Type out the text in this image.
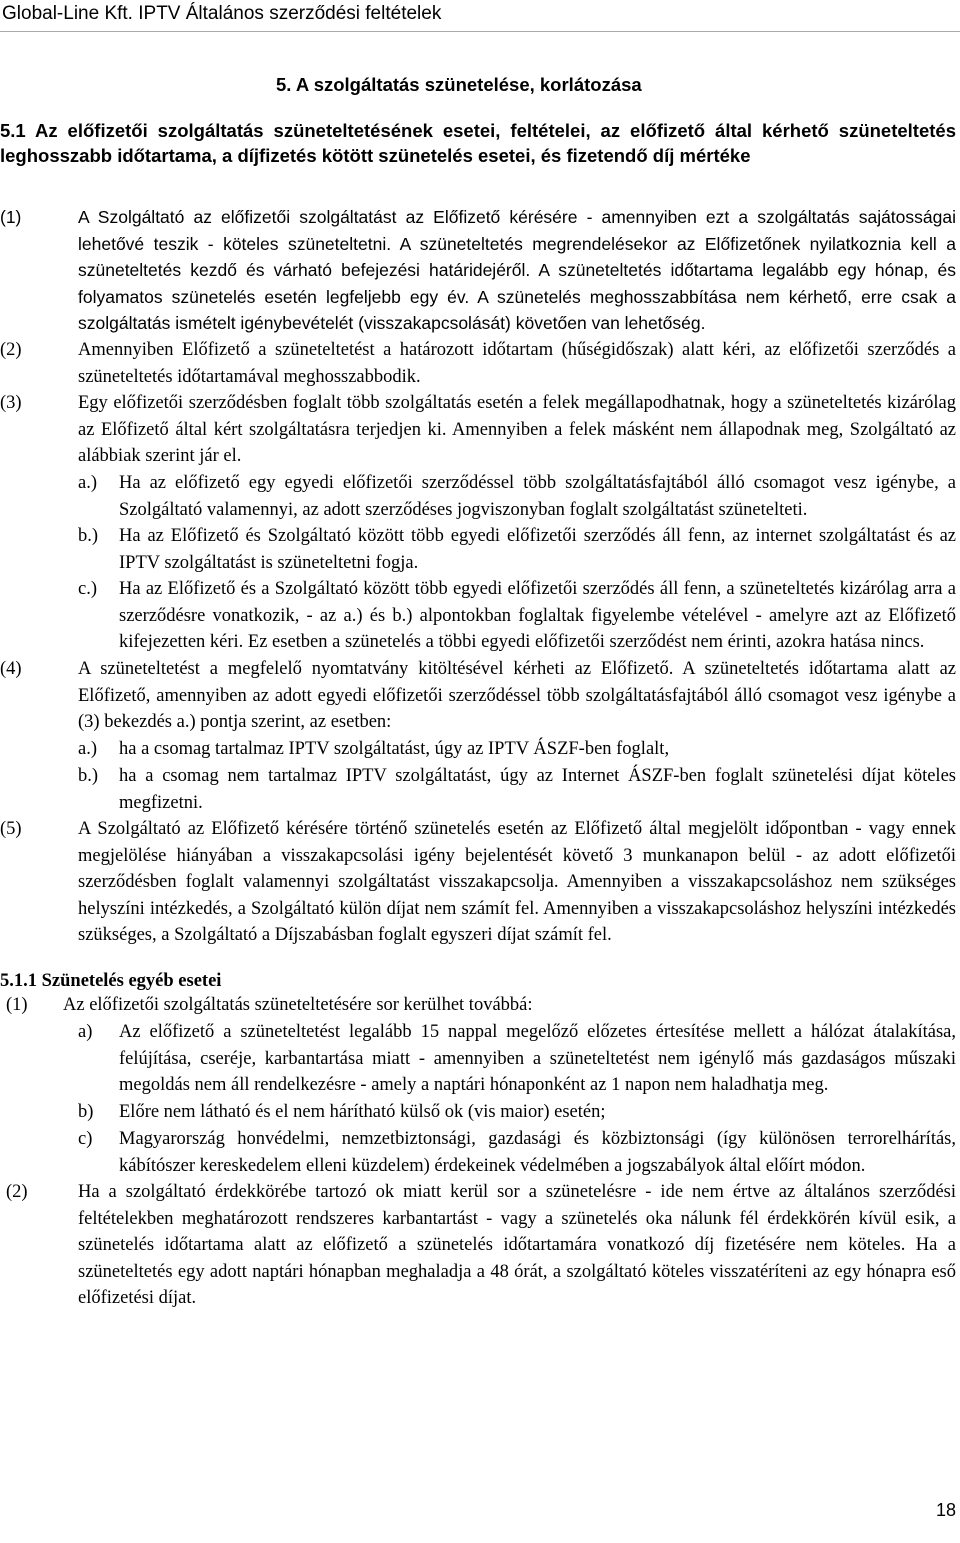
Global-Line Kft. IPTV Általános szerződési feltételek
5. A szolgáltatás szünetelése, korlátozása
5.1 Az előfizetői szolgáltatás szüneteltetésének esetei, feltételei, az előfizető által kérhető szüneteltetés leghosszabb időtartama, a díjfizetés kötött szünetelés esetei, és fizetendő díj mértéke
(1)	A Szolgáltató az előfizetői szolgáltatást az Előfizető kérésére - amennyiben ezt a szolgáltatás sajátosságai lehetővé teszik - köteles szüneteltetni. A szüneteltetés megrendelésekor az Előfizetőnek nyilatkoznia kell a szüneteltetés kezdő és várható befejezési határidejéről. A szüneteltetés időtartama legalább egy hónap, és folyamatos szünetelés esetén legfeljebb egy év. A szünetelés meghosszabbítása nem kérhető, erre csak a szolgáltatás ismételt igénybevételét (visszakapcsolását) követően van lehetőség.
(2)	Amennyiben Előfizető a szüneteltetést a határozott időtartam (hűségidőszak) alatt kéri, az előfizetői szerződés a szüneteltetés időtartamával meghosszabbodik.
(3)	Egy előfizetői szerződésben foglalt több szolgáltatás esetén a felek megállapodhatnak, hogy a szüneteltetés kizárólag az Előfizető által kért szolgáltatásra terjedjen ki. Amennyiben a felek másként nem állapodnak meg, Szolgáltató az alábbiak szerint jár el.
a.) Ha az előfizető egy egyedi előfizetői szerződéssel több szolgáltatásfajtából álló csomagot vesz igénybe, a Szolgáltató valamennyi, az adott szerződéses jogviszonyban foglalt szolgáltatást szünetelteti.
b.) Ha az Előfizető és Szolgáltató között több egyedi előfizetői szerződés áll fenn, az internet szolgáltatást és az IPTV szolgáltatást is szüneteltetni fogja.
c.) Ha az Előfizető és a Szolgáltató között több egyedi előfizetői szerződés áll fenn, a szüneteltetés kizárólag arra a szerződésre vonatkozik, - az a.) és b.) alpontokban foglaltak figyelembe vételével - amelyre azt az Előfizető kifejezetten kéri. Ez esetben a szünetelés a többi egyedi előfizetői szerződést nem érinti, azokra hatása nincs.
(4)	A szüneteltetést a megfelelő nyomtatvány kitöltésével kérheti az Előfizető. A szüneteltetés időtartama alatt az Előfizető, amennyiben az adott egyedi előfizetői szerződéssel több szolgáltatásfajtából álló csomagot vesz igénybe a (3) bekezdés a.) pontja szerint, az esetben:
a.) ha a csomag tartalmaz IPTV szolgáltatást, úgy az IPTV ÁSZF-ben foglalt,
b.) ha a csomag nem tartalmaz IPTV szolgáltatást, úgy az Internet ÁSZF-ben foglalt szünetelési díjat köteles megfizetni.
(5)	A Szolgáltató az Előfizető kérésére történő szünetelés esetén az Előfizető által megjelölt időpontban - vagy ennek megjelölése hiányában a visszakapcsolási igény bejelentését követő 3 munkanapon belül - az adott előfizetői szerződésben foglalt valamennyi szolgáltatást visszakapcsolja. Amennyiben a visszakapcsoláshoz nem szükséges helyszíni intézkedés, a Szolgáltató külön díjat nem számít fel. Amennyiben a visszakapcsoláshoz helyszíni intézkedés szükséges, a Szolgáltató a Díjszabásban foglalt egyszeri díjat számít fel.
5.1.1 Szünetelés egyéb esetei
(1) Az előfizetői szolgáltatás szüneteltetésére sor kerülhet továbbá:
a) Az előfizető a szüneteltetést legalább 15 nappal megelőző előzetes értesítése mellett a hálózat átalakítása, felújítása, cseréje, karbantartása miatt - amennyiben a szüneteltetést nem igénylő más gazdaságos műszaki megoldás nem áll rendelkezésre - amely a naptári hónaponként az 1 napon nem haladhatja meg.
b) Előre nem látható és el nem hárítható külső ok (vis maior) esetén;
c) Magyarország honvédelmi, nemzetbiztonsági, gazdasági és közbiztonsági (így különösen terrorelhárítás, kábítószer kereskedelem elleni küzdelem) érdekeinek védelmében a jogszabályok által előírt módon.
(2)	Ha a szolgáltató érdekkörébe tartozó ok miatt kerül sor a szünetelésre - ide nem értve az általános szerződési feltételekben meghatározott rendszeres karbantartást - vagy a szünetelés oka nálunk fél érdekkörén kívül esik, a szünetelés időtartama alatt az előfizető a szünetelés időtartamára vonatkozó díj fizetésére nem köteles. Ha a szüneteltetés egy adott naptári hónapban meghaladja a 48 órát, a szolgáltató köteles visszatéríteni az egy hónapra eső előfizetési díjat.
18
